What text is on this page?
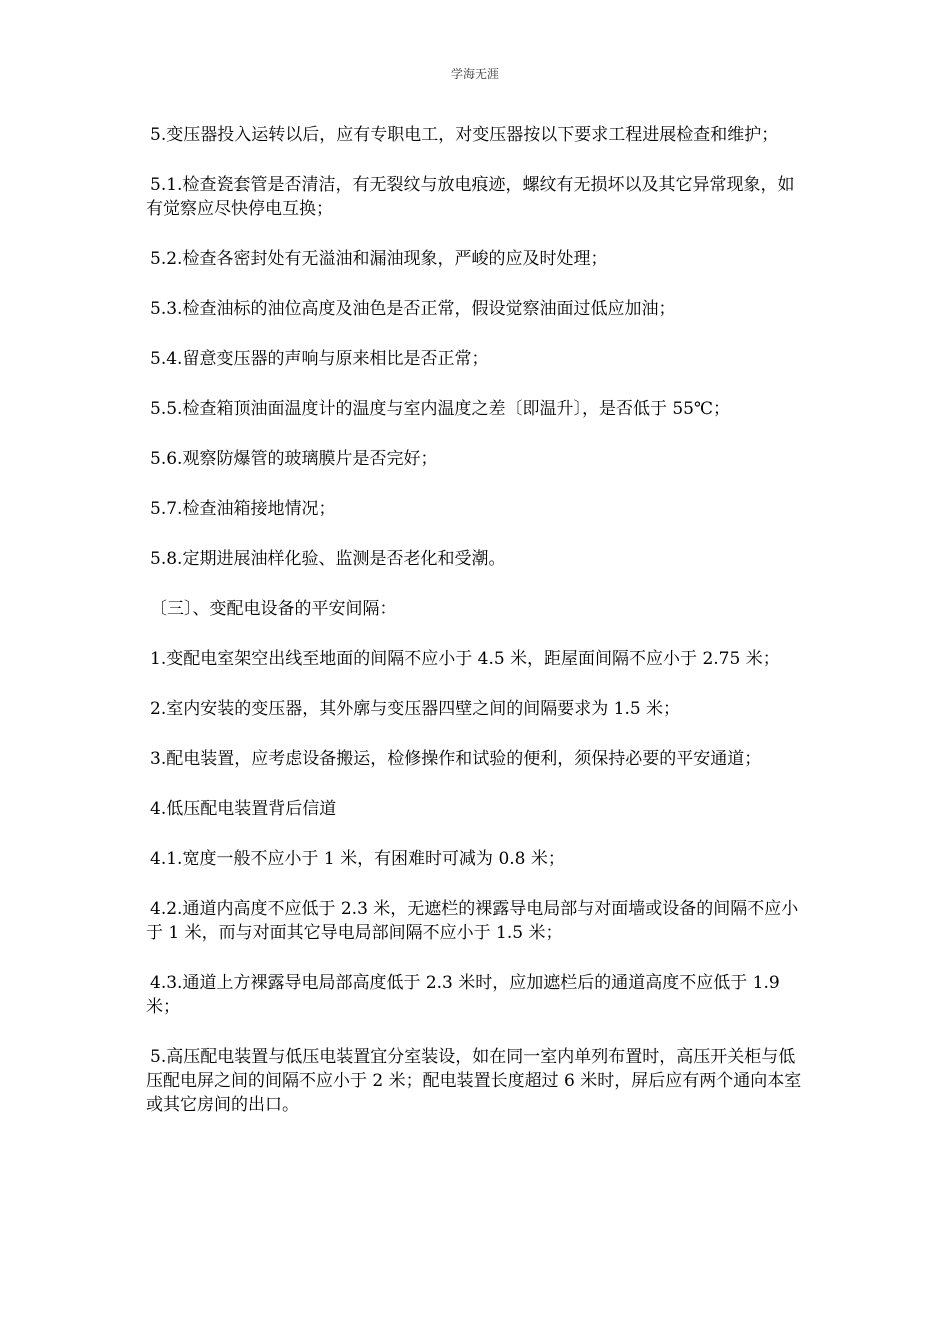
学海无涯

5.变压器投入运转以后，应有专职电工，对变压器按以下要求工程进展检查和维护；

5.1.检查瓷套管是否清洁，有无裂纹与放电痕迹，螺纹有无损坏以及其它异常现象，如有觉察应尽快停电互换；

5.2.检查各密封处有无溢油和漏油现象，严峻的应及时处理；

5.3.检查油标的油位高度及油色是否正常，假设觉察油面过低应加油；

5.4.留意变压器的声响与原来相比是否正常；

5.5.检查箱顶油面温度计的温度与室内温度之差〔即温升〕，是否低于 55℃；

5.6.观察防爆管的玻璃膜片是否完好；

5.7.检查油箱接地情况；

5.8.定期进展油样化验、监测是否老化和受潮。

〔三〕、变配电设备的平安间隔：

1.变配电室架空出线至地面的间隔不应小于 4.5 米，距屋面间隔不应小于 2.75 米；

2.室内安装的变压器，其外廓与变压器四壁之间的间隔要求为 1.5 米；

3.配电装置，应考虑设备搬运，检修操作和试验的便利，须保持必要的平安通道；

4.低压配电装置背后信道

4.1.宽度一般不应小于 1 米，有困难时可减为 0.8 米；

4.2.通道内高度不应低于 2.3 米，无遮栏的裸露导电局部与对面墙或设备的间隔不应小于 1 米，而与对面其它导电局部间隔不应小于 1.5 米；

4.3.通道上方裸露导电局部高度低于 2.3 米时，应加遮栏后的通道高度不应低于 1.9 米；

5.高压配电装置与低压电装置宜分室装设，如在同一室内单列布置时，高压开关柜与低压配电屏之间的间隔不应小于 2 米；配电装置长度超过 6 米时，屏后应有两个通向本室或其它房间的出口。
